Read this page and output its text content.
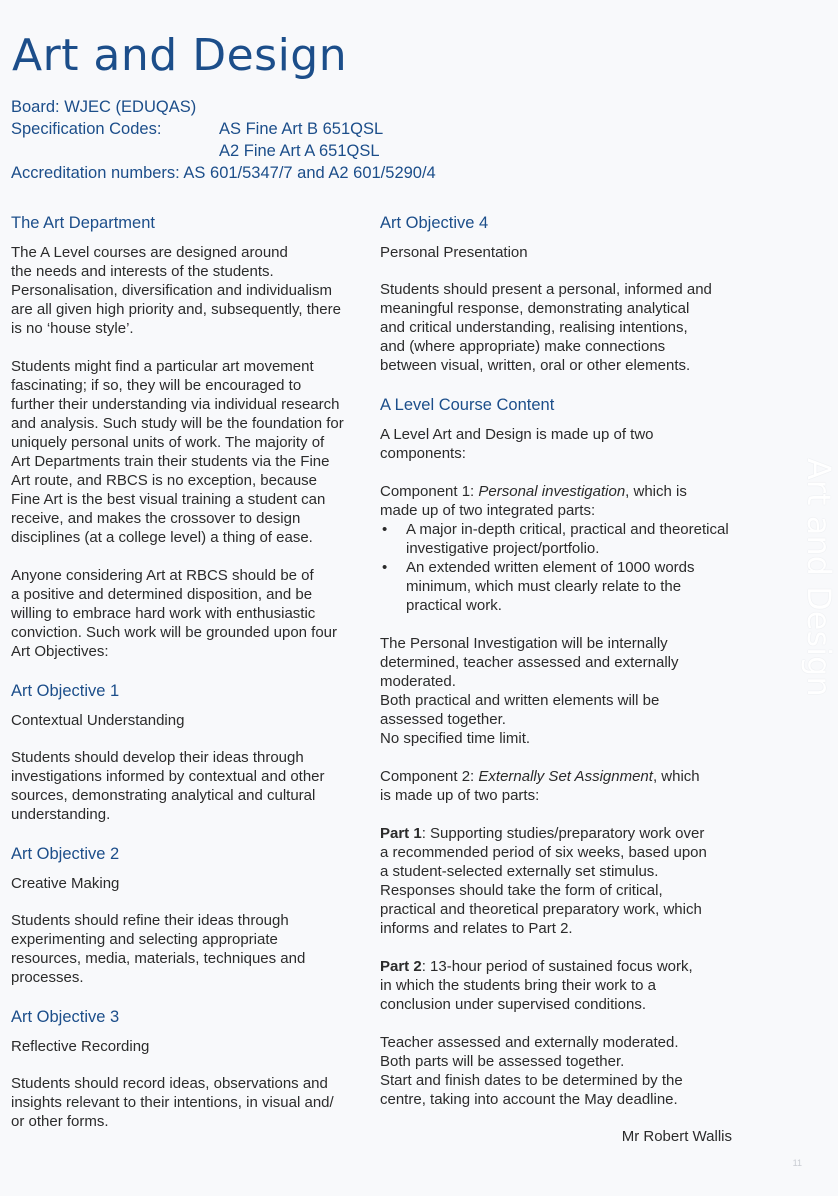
Art and Design
Board: WJEC (EDUQAS)
Specification Codes:	AS Fine Art B 651QSL
A2 Fine Art A 651QSL
Accreditation numbers: AS 601/5347/7 and A2 601/5290/4
The Art Department

The A Level courses are designed around
the needs and interests of the students.
Personalisation, diversification and individualism
are all given high priority and, subsequently, there
is no ‘house style’.

Students might find a particular art movement
fascinating; if so, they will be encouraged to
further their understanding via individual research
and analysis. Such study will be the foundation for
uniquely personal units of work. The majority of
Art Departments train their students via the Fine
Art route, and RBCS is no exception, because
Fine Art is the best visual training a student can
receive, and makes the crossover to design
disciplines (at a college level) a thing of ease.

Anyone considering Art at RBCS should be of
a positive and determined disposition, and be
willing to embrace hard work with enthusiastic
conviction. Such work will be grounded upon four
Art Objectives:

Art Objective 1

Contextual Understanding

Students should develop their ideas through
investigations informed by contextual and other
sources, demonstrating analytical and cultural
understanding.

Art Objective 2

Creative Making

Students should refine their ideas through
experimenting and selecting appropriate
resources, media, materials, techniques and
processes.

Art Objective 3

Reflective Recording

Students should record ideas, observations and
insights relevant to their intentions, in visual and/
or other forms.

Art Objective 4

Personal Presentation

Students should present a personal, informed and
meaningful response, demonstrating analytical
and critical understanding, realising intentions,
and (where appropriate) make connections
between visual, written, oral or other elements.

A Level Course Content

A Level Art and Design is made up of two
components:

Component 1: Personal investigation, which is
made up of two integrated parts:

• A major in-depth critical, practical and theoretical investigative project/portfolio.
• An extended written element of 1000 words minimum, which must clearly relate to the practical work.

The Personal Investigation will be internally
determined, teacher assessed and externally
moderated.
Both practical and written elements will be
assessed together.
No specified time limit.

Component 2: Externally Set Assignment, which
is made up of two parts:

Part 1: Supporting studies/preparatory work over
a recommended period of six weeks, based upon
a student-selected externally set stimulus.
Responses should take the form of critical,
practical and theoretical preparatory work, which
informs and relates to Part 2.

Part 2: 13-hour period of sustained focus work,
in which the students bring their work to a
conclusion under supervised conditions.

Teacher assessed and externally moderated.
Both parts will be assessed together.
Start and finish dates to be determined by the
centre, taking into account the May deadline.

Mr Robert Wallis

Art and Design
11
